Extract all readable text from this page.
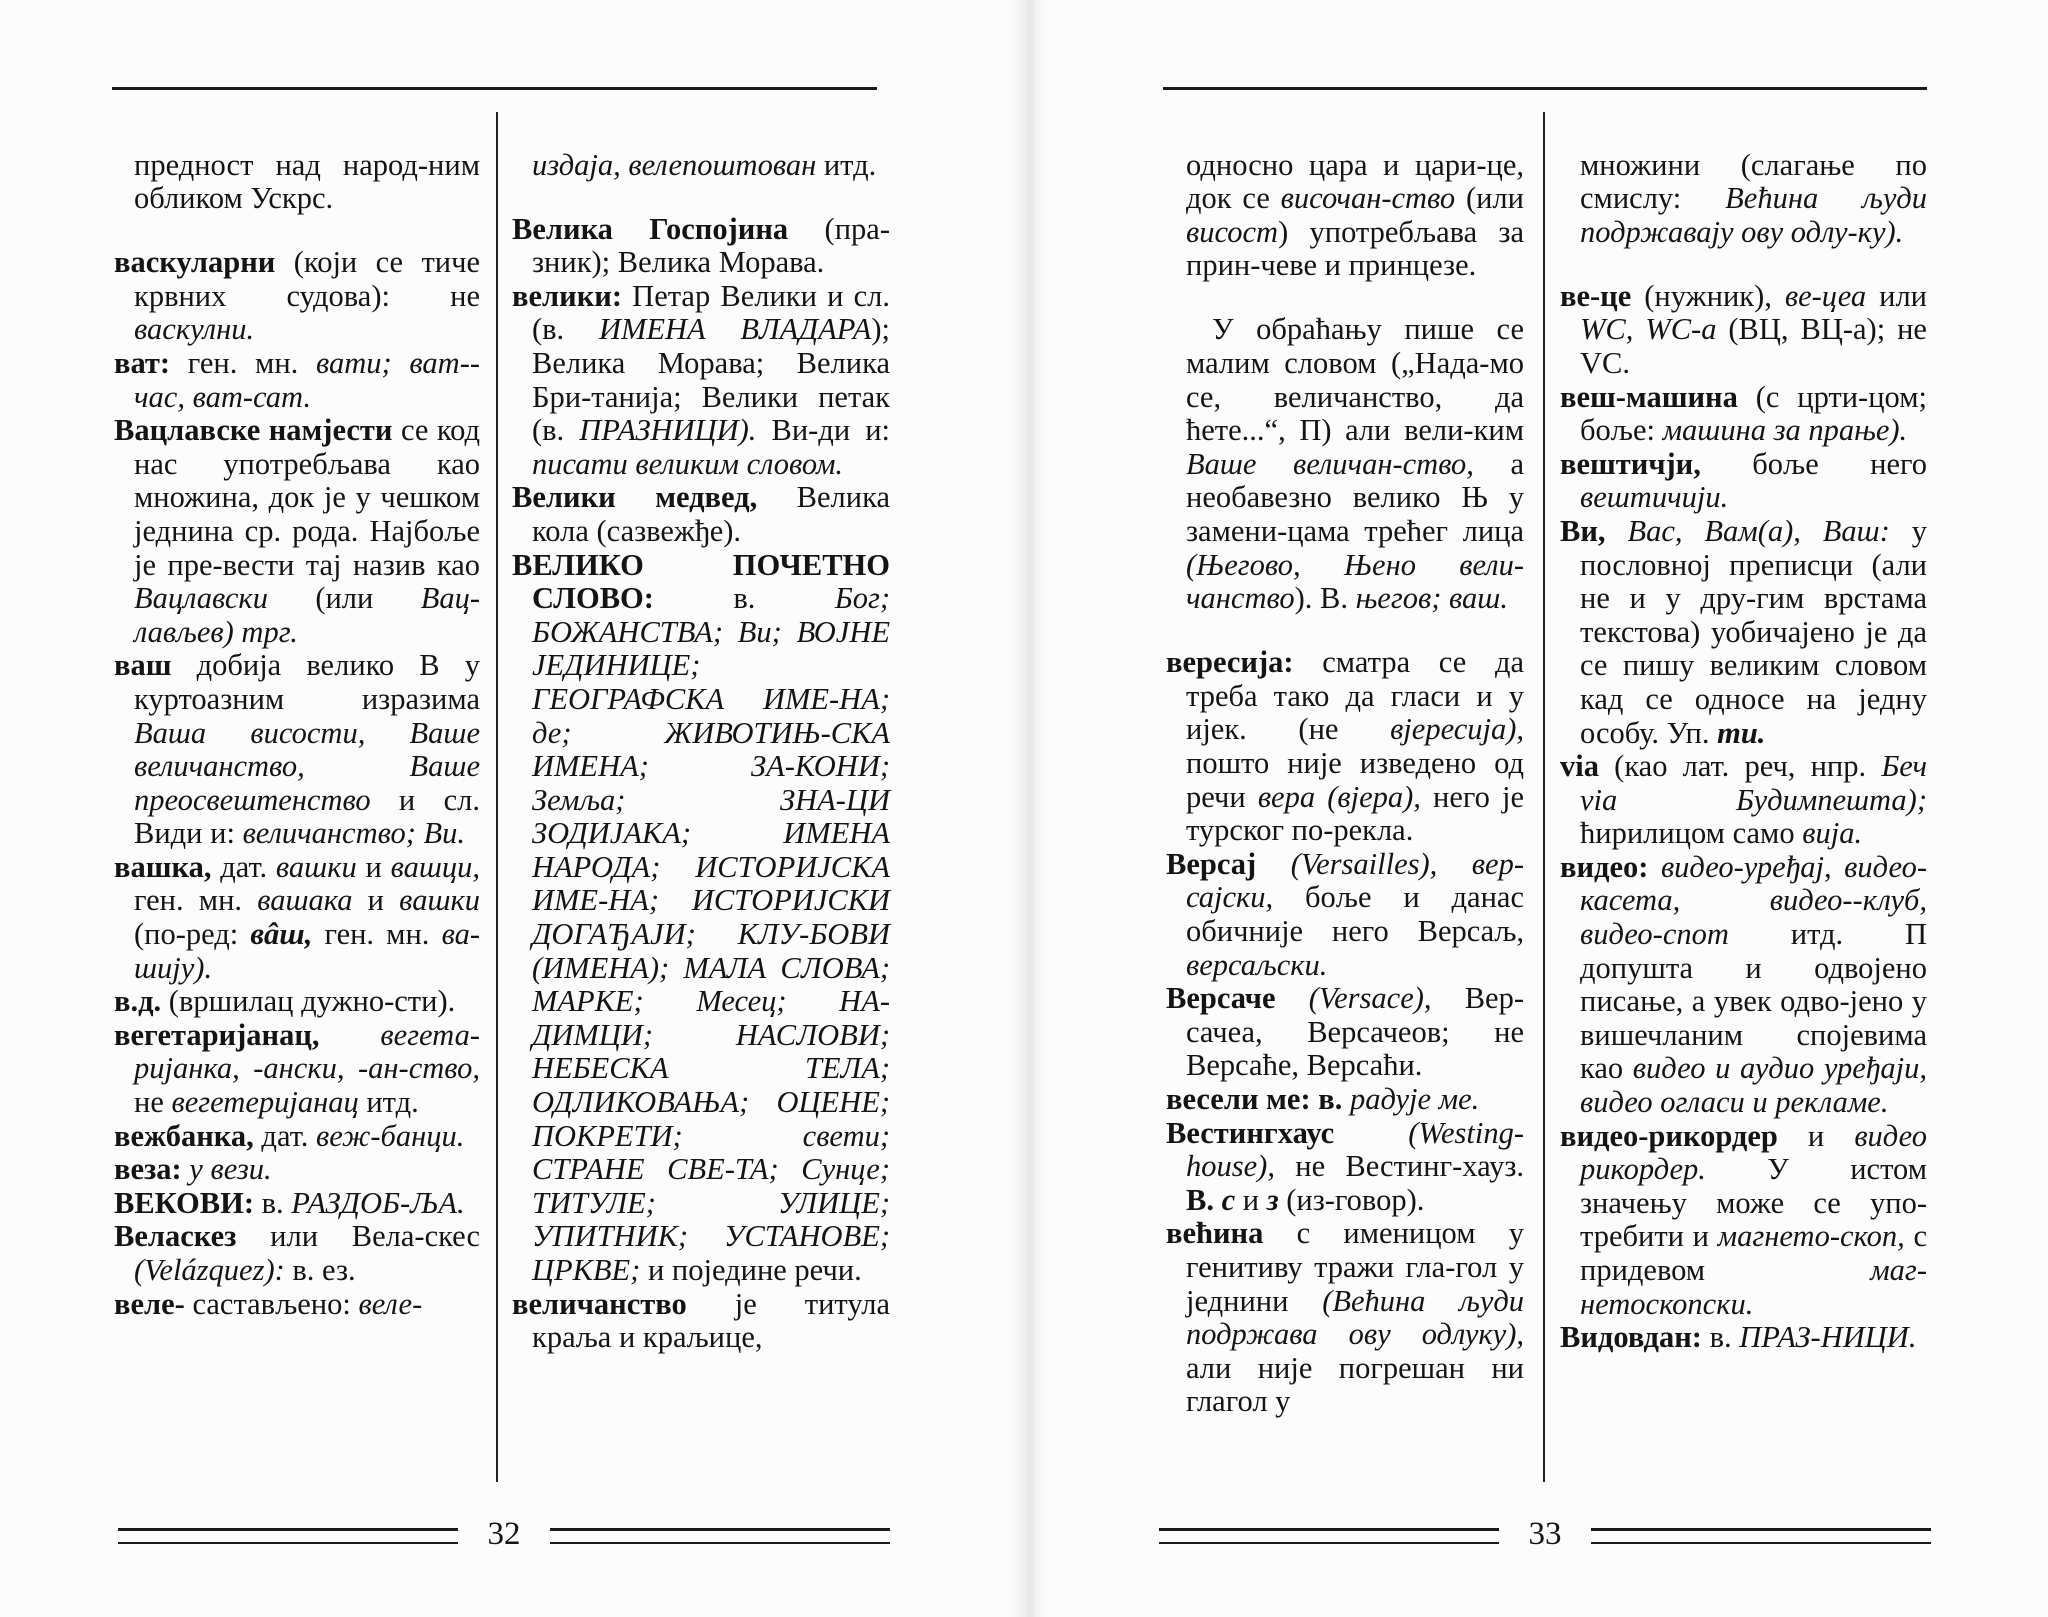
предност над народ-ним обликом Ускрс.

васкуларни (који се тиче крвних судова): не васкулни.

ват: ген. мн. вати; ват--час, ват-сат.

Вацлавске намјести се код нас употребљава као множина, док је у чешком једнина ср. рода. Најбоље је пре-вести тај назив као Вацлавски (или Вац-лављев) трг.

ваш добија велико В у куртоазним изразима Ваша висости, Ваше величанство, Ваше преосвештенство и сл. Види и: величанство; Ви.

вашка, дат. вашки и вашци, ген. мн. вашака и вашки (по-ред: вâш, ген. мн. ва-шију).

в.д. (вршилац дужно-сти).

вегетаријанац, вегета-ријанка, -ански, -ан-ство, не вегетеријанац итд.

вежбанка, дат. веж-банци.

веза: у вези.

ВЕКОВИ: в. РАЗДОБ-ЉА.

Веласкез или Вела-скес (Velázquez): в. ез.

веле- састављено: веле-

издаја, велепоштован итд.

Велика Госпојина (пра-зник); Велика Морава.

велики: Петар Велики и сл. (в. ИМЕНА ВЛАДАРА); Велика Морава; Велика Бри-танија; Велики петак (в. ПРАЗНИЦИ). Ви-ди и: писати великим словом.

Велики медвед, Велика кола (сазвежђе).

ВЕЛИКО ПОЧЕТНО СЛОВО: в. Бог; БОЖАНСТВА; Ви; ВОЈНЕ ЈЕДИНИЦЕ; ГЕОГРАФСКА ИМЕ-НА; де; ЖИВОТИЊ-СКА ИМЕНА; ЗА-КОНИ; Земља; ЗНА-ЦИ ЗОДИЈАКА; ИМЕНА НАРОДА; ИСТОРИЈСКА ИМЕ-НА; ИСТОРИЈСКИ ДОГАЂАЈИ; КЛУ-БОВИ (ИМЕНА); МАЛА СЛОВА; МАРКЕ; Месец; НА-ДИМЦИ; НАСЛОВИ; НЕБЕСКА ТЕЛА; ОДЛИКОВАЊА; ОЦЕНЕ; ПОКРЕТИ; свети; СТРАНЕ СВЕ-ТА; Сунце; ТИТУЛЕ; УЛИЦЕ; УПИТНИК; УСТАНОВЕ; ЦРКВЕ; и поједине речи.

величанство је титула краља и краљице,

32

односно цара и цари-це, док се височан-ство (или висост) употребљава за прин-чеве и принцезе.

У обраћању пише се малим словом („Нада-мо се, величанство, да ћете...“, П) али вели-ким Ваше величан-ство, а необавезно велико Њ у замени-цама трећег лица (Његово, Њено вели-чанство). В. његов; ваш.

вересија: сматра се да треба тако да гласи и у ијек. (не вјересија), пошто није изведено од речи вера (вјера), него је турског по-рекла.

Версај (Versailles), вер-сајски, боље и данас обичније него Версаљ, версаљски.

Версаче (Versace), Вер-сачеа, Версачеов; не Версаће, Версаћи.

весели ме: в. радује ме.

Вестингхаус (Westing-house), не Вестинг-хауз. В. с и з (из-говор).

већина с именицом у генитиву тражи гла-гол у једнини (Већина људи подржава ову одлуку), али није погрешан ни глагол у

множини (слагање по смислу: Већина људи подржавају ову одлу-ку).

ве-це (нужник), ве-цеа или WC, WC-a (ВЦ, ВЦ-а); не VC.

веш-машина (с црти-цом; боље: машина за прање).

вештичји, боље него вештичији.

Ви, Вас, Вам(а), Ваш: у пословној преписци (али не и у дру-гим врстама текстова) уобичајено је да се пишу великим словом кад се односе на једну особу. Уп. ти.

via (као лат. реч, нпр. Беч via Будимпешта); ћирилицом само вија.

видео: видео-уређај, видео-касета, видео--клуб, видео-спот итд. П допушта и одвојено писање, а увек одво-јено у вишечланим спојевима као видео и аудио уређаји, видео огласи и рекламе.

видео-рикордер и видео рикордер. У истом значењу може се упо-требити и магнето-скоп, с придевом маг-нетоскопски.

Видовдан: в. ПРАЗ-НИЦИ.

33
